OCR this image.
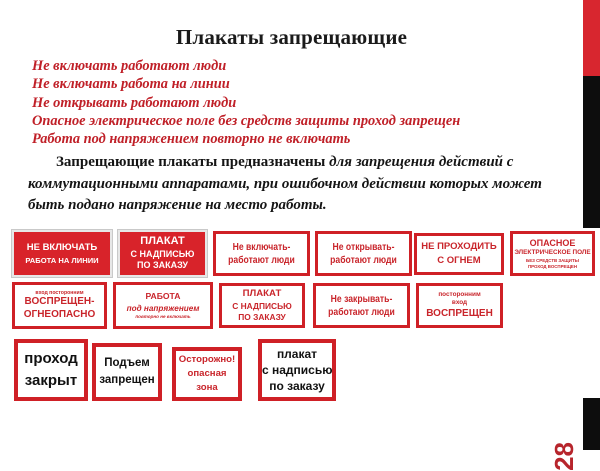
Плакаты запрещающие
Не включать работают люди
Не включать работа на линии
Не открывать работают люди
Опасное электрическое поле без средств защиты проход запрещен
Работа под напряжением повторно не включать
Запрещающие плакаты предназначены для запрещения действий с коммутационными аппаратами, при ошибочном действии которых может быть подано напряжение на место работы.
НЕ ВКЛЮЧАТЬ
РАБОТА НА ЛИНИИ
ПЛАКАТ
С НАДПИСЬЮ
ПО ЗАКАЗУ
Не включать-
работают люди
Не открывать-
работают люди
НЕ ПРОХОДИТЬ
С ОГНЕМ
ОПАСНОЕ
ЭЛЕКТРИЧЕСКОЕ ПОЛЕ
БЕЗ СРЕДСТВ ЗАЩИТЫ
ПРОХОД ВОСПРЕЩЕН
вход посторонним
ВОСПРЕЩЕН-
ОГНЕОПАСНО
РАБОТА
под напряжением
повторно не включать
ПЛАКАТ
С НАДПИСЬЮ
ПО ЗАКАЗУ
Не закрывать-
работают люди
посторонним
вход
ВОСПРЕЩЕН
проход
закрыт
Подъем
запрещен
Осторожно!
опасная
зона
плакат
с надписью
по заказу
28
